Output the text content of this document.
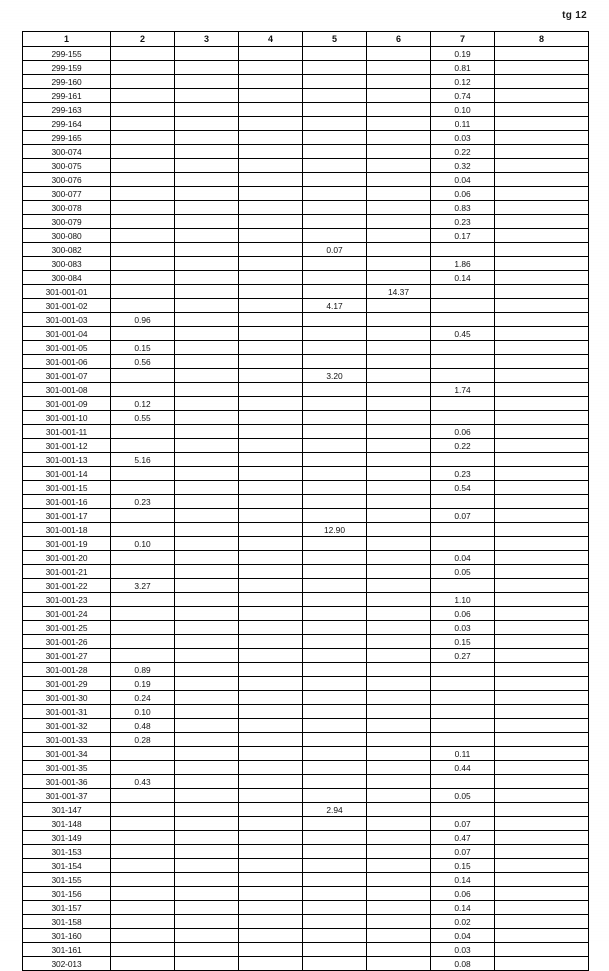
tg 12
1	2	3	4	5	6	7	8
299-155						0.19	
299-159						0.81	
299-160						0.12	
299-161						0.74	
299-163						0.10	
299-164						0.11	
299-165						0.03	
300-074						0.22	
300-075						0.32	
300-076						0.04	
300-077						0.06	
300-078						0.83	
300-079						0.23	
300-080						0.17	
300-082				0.07			
300-083						1.86	
300-084						0.14	
301-001-01					14.37		
301-001-02				4.17			
301-001-03	0.96						
301-001-04						0.45	
301-001-05	0.15						
301-001-06	0.56						
301-001-07				3.20			
301-001-08						1.74	
301-001-09	0.12						
301-001-10	0.55						
301-001-11						0.06	
301-001-12						0.22	
301-001-13	5.16						
301-001-14						0.23	
301-001-15						0.54	
301-001-16	0.23						
301-001-17						0.07	
301-001-18				12.90			
301-001-19	0.10						
301-001-20						0.04	
301-001-21						0.05	
301-001-22	3.27						
301-001-23						1.10	
301-001-24						0.06	
301-001-25						0.03	
301-001-26						0.15	
301-001-27						0.27	
301-001-28	0.89						
301-001-29	0.19						
301-001-30	0.24						
301-001-31	0.10						
301-001-32	0.48						
301-001-33	0.28						
301-001-34						0.11	
301-001-35						0.44	
301-001-36	0.43						
301-001-37						0.05	
301-147				2.94			
301-148						0.07	
301-149						0.47	
301-153						0.07	
301-154						0.15	
301-155						0.14	
301-156						0.06	
301-157						0.14	
301-158						0.02	
301-160						0.04	
301-161						0.03	
302-013						0.08	
